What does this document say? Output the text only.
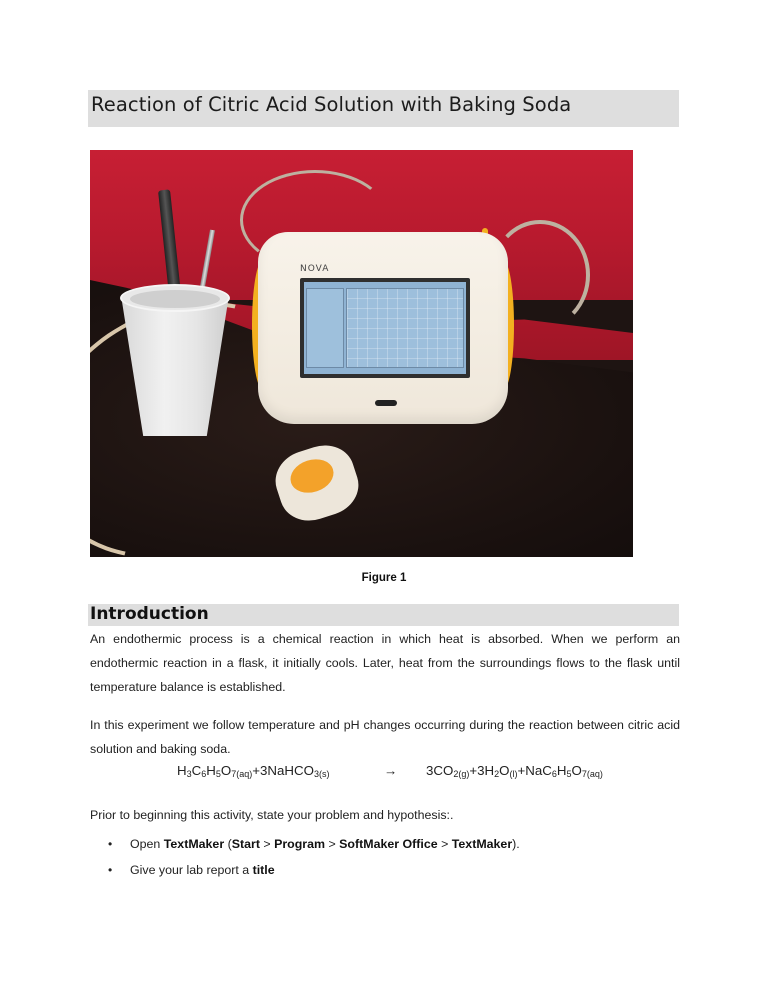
Reaction of Citric Acid Solution with Baking Soda
NOVA
Figure 1
Introduction
An endothermic process is a chemical reaction in which heat is absorbed. When we perform an endothermic reaction in a flask, it initially cools. Later, heat from the surroundings flows to the flask until temperature balance is established.
In this experiment we follow temperature and pH changes occurring during the reaction between citric acid solution and baking soda.
$H_3C_6H_5O_{7(aq)}+3NaHCO_{3(s)}$	→ $3CO_{2(g)}+3H_2O_{(l)}+NaC_6H_5O_{7(aq)}$
Prior to beginning this activity, state your problem and hypothesis:.
• Open TextMaker (Start > Program > SoftMaker Office > TextMaker).
• Give your lab report a title
